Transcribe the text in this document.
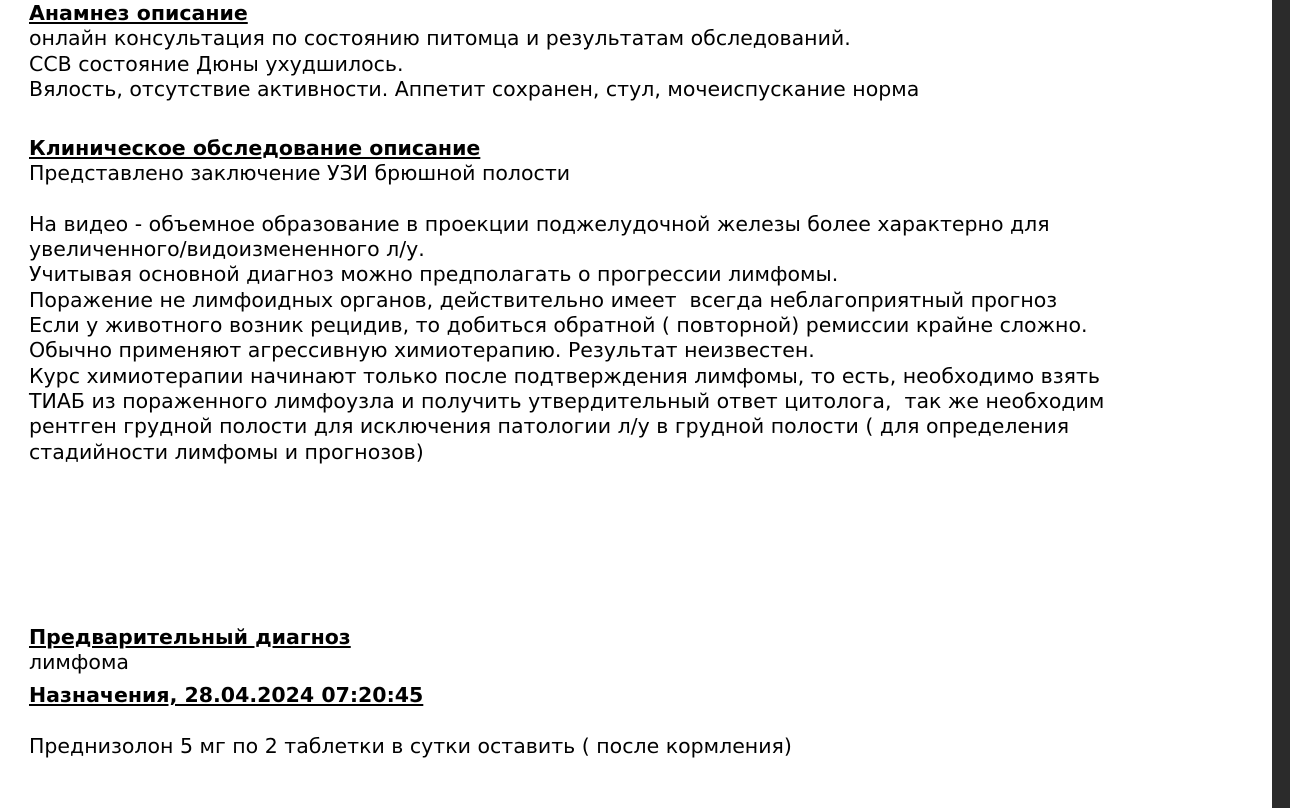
Анамнез описание
онлайн консультация по состоянию питомца и результатам обследований.
ССВ состояние Дюны ухудшилось.
Вялость, отсутствие активности. Аппетит сохранен, стул, мочеиспускание норма
Клиническое обследование описание
Представлено заключение УЗИ брюшной полости
На видео - объемное образование в проекции поджелудочной железы более характерно для
увеличенного/видоизмененного л/у.
Учитывая основной диагноз можно предполагать о прогрессии лимфомы.
Поражение не лимфоидных органов, действительно имеет  всегда неблагоприятный прогноз
Если у животного возник рецидив, то добиться обратной ( повторной) ремиссии крайне сложно.
Обычно применяют агрессивную химиотерапию. Результат неизвестен.
Курс химиотерапии начинают только после подтверждения лимфомы, то есть, необходимо взять
ТИАБ из пораженного лимфоузла и получить утвердительный ответ цитолога,  так же необходим
рентген грудной полости для исключения патологии л/у в грудной полости ( для определения
стадийности лимфомы и прогнозов)
Предварительный диагноз
лимфома
Назначения, 28.04.2024 07:20:45
Преднизолон 5 мг по 2 таблетки в сутки оставить ( после кормления)
